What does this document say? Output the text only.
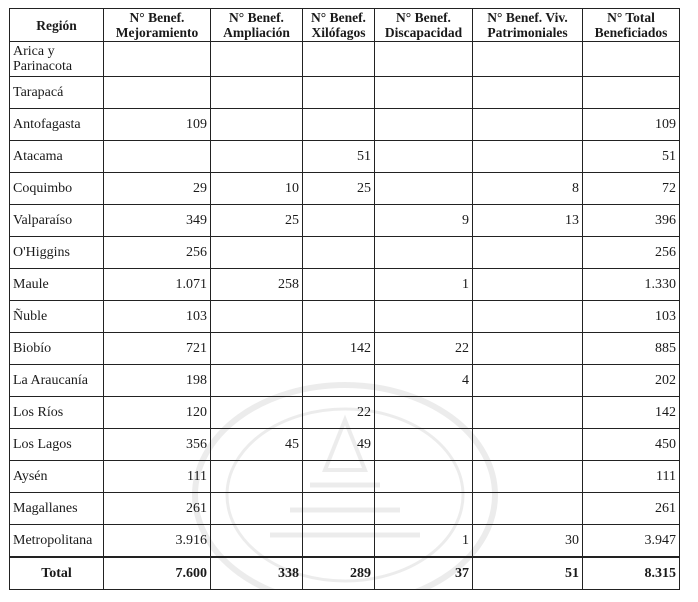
Región	N° Benef. Mejoramiento	N° Benef. Ampliación	N° Benef. Xilófagos	N° Benef. Discapacidad	N° Benef. Viv. Patrimoniales	N° Total Beneficiados
Arica y Parinacota						
Tarapacá						
Antofagasta	109					109
Atacama			51			51
Coquimbo	29	10	25		8	72
Valparaíso	349	25		9	13	396
O'Higgins	256					256
Maule	1.071	258		1		1.330
Ñuble	103					103
Biobío	721		142	22		885
La Araucanía	198			4		202
Los Ríos	120		22			142
Los Lagos	356	45	49			450
Aysén	111					111
Magallanes	261					261
Metropolitana	3.916			1	30	3.947
Total	7.600	338	289	37	51	8.315
